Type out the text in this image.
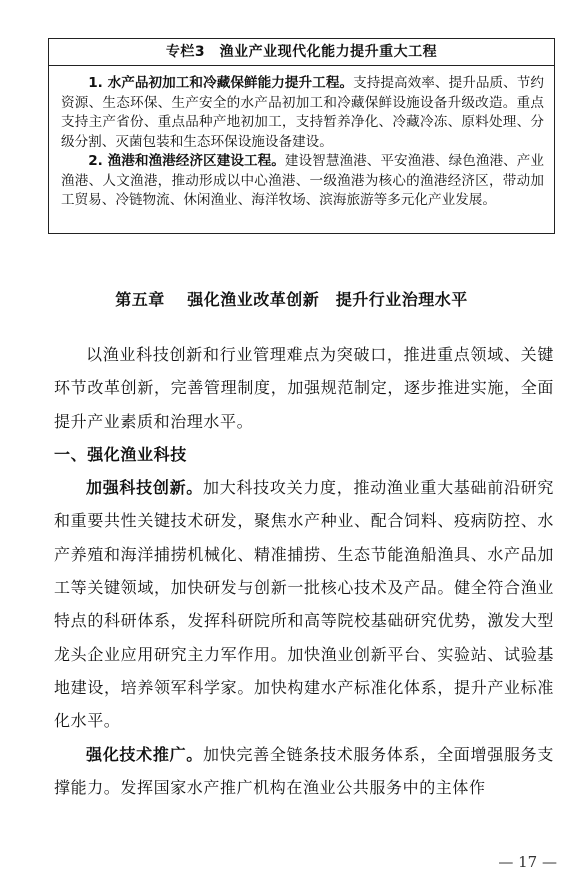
专栏3　渔业产业现代化能力提升重大工程

1. 水产品初加工和冷藏保鲜能力提升工程。支持提高效率、提升品质、节约资源、生态环保、生产安全的水产品初加工和冷藏保鲜设施设备升级改造。重点支持主产省份、重点品种产地初加工，支持暂养净化、冷藏冷冻、原料处理、分级分割、灭菌包装和生态环保设施设备建设。

2. 渔港和渔港经济区建设工程。建设智慧渔港、平安渔港、绿色渔港、产业渔港、人文渔港，推动形成以中心渔港、一级渔港为核心的渔港经济区，带动加工贸易、冷链物流、休闲渔业、海洋牧场、滨海旅游等多元化产业发展。

第五章 强化渔业改革创新　提升行业治理水平

以渔业科技创新和行业管理难点为突破口，推进重点领域、关键环节改革创新，完善管理制度，加强规范制定，逐步推进实施，全面提升产业素质和治理水平。

一、强化渔业科技

加强科技创新。加大科技攻关力度，推动渔业重大基础前沿研究和重要共性关键技术研发，聚焦水产种业、配合饲料、疫病防控、水产养殖和海洋捕捞机械化、精准捕捞、生态节能渔船渔具、水产品加工等关键领域，加快研发与创新一批核心技术及产品。健全符合渔业特点的科研体系，发挥科研院所和高等院校基础研究优势，激发大型龙头企业应用研究主力军作用。加快渔业创新平台、实验站、试验基地建设，培养领军科学家。加快构建水产标准化体系，提升产业标准化水平。

强化技术推广。加快完善全链条技术服务体系，全面增强服务支撑能力。发挥国家水产推广机构在渔业公共服务中的主体作

— 17 —
